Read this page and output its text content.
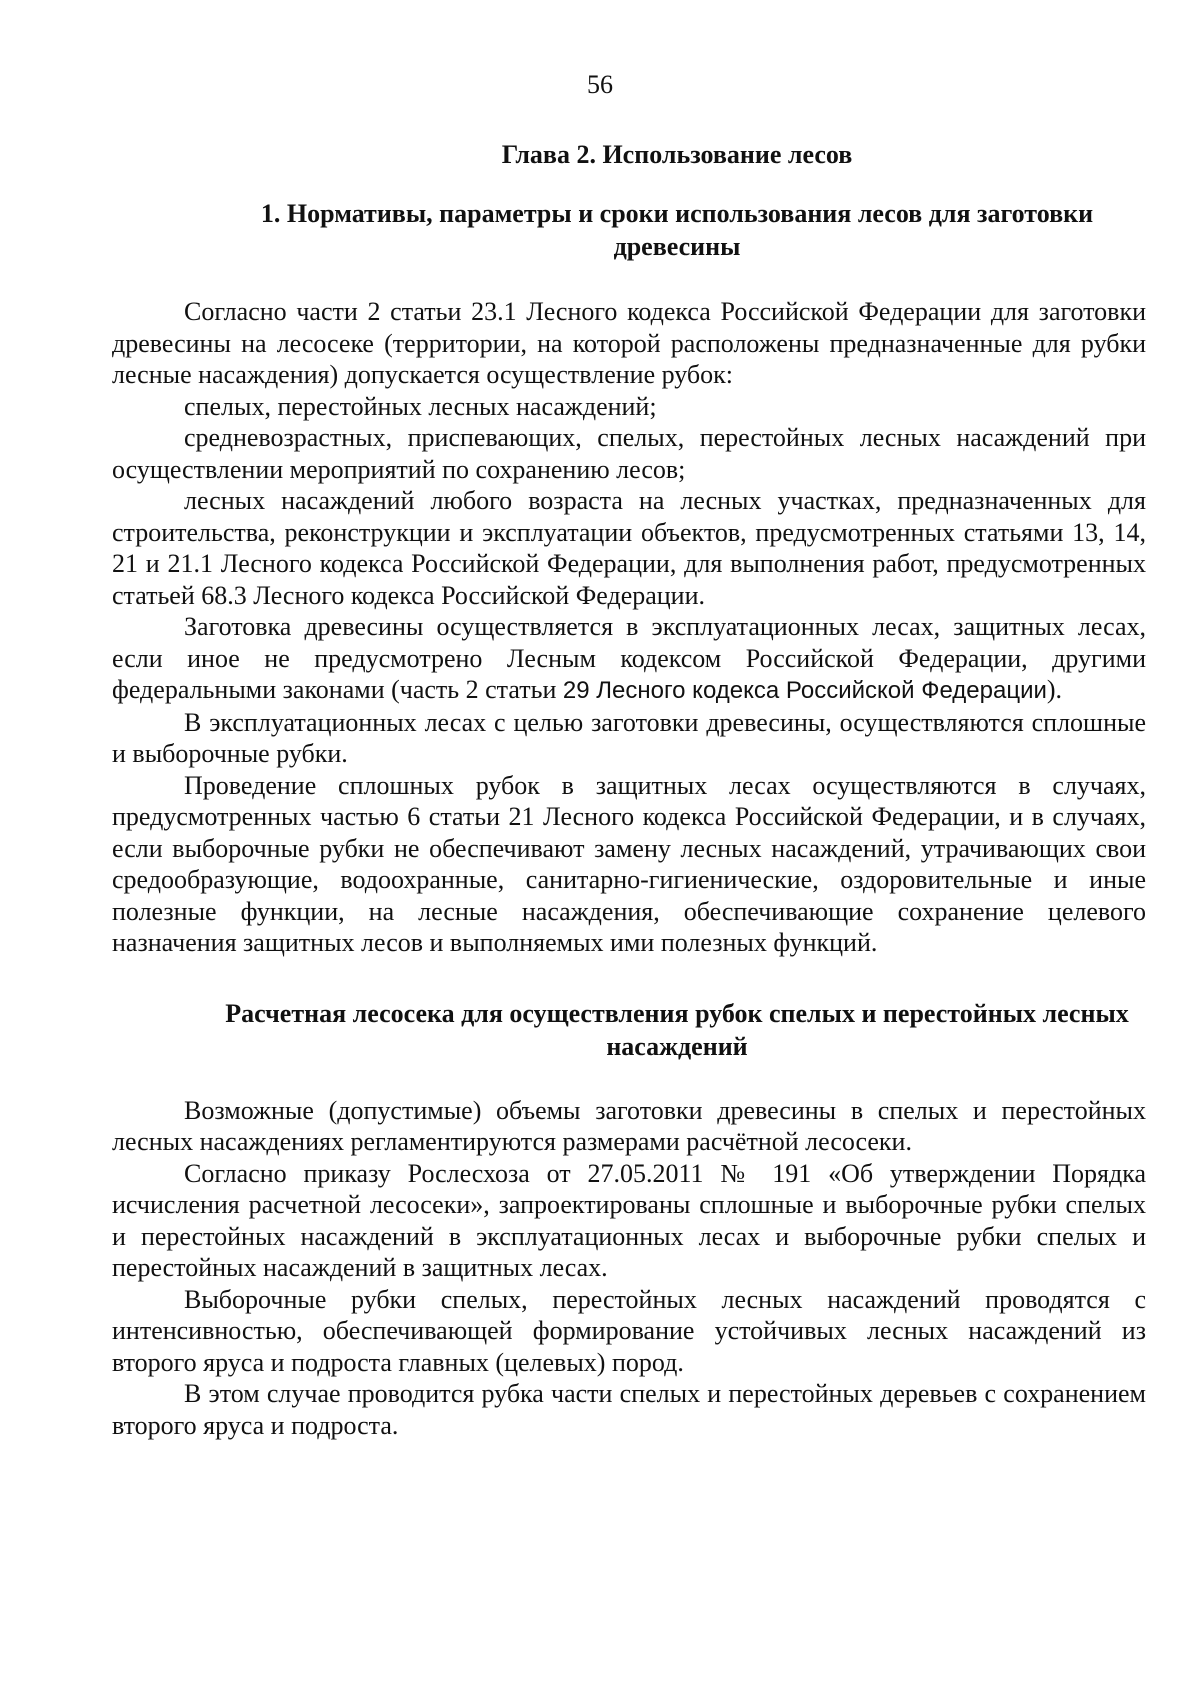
56
Глава 2. Использование лесов
1. Нормативы, параметры и сроки использования лесов для заготовки древесины

Согласно части 2 статьи 23.1 Лесного кодекса Российской Федерации для заготовки древесины на лесосеке (территории, на которой расположены предназначенные для рубки лесные насаждения) допускается осуществление рубок:

спелых, перестойных лесных насаждений;

средневозрастных, приспевающих, спелых, перестойных лесных насаждений при осуществлении мероприятий по сохранению лесов;

лесных насаждений любого возраста на лесных участках, предназначенных для строительства, реконструкции и эксплуатации объектов, предусмотренных статьями 13, 14, 21 и 21.1 Лесного кодекса Российской Федерации, для выполнения работ, предусмотренных статьей 68.3 Лесного кодекса Российской Федерации.

Заготовка древесины осуществляется в эксплуатационных лесах, защитных лесах, если иное не предусмотрено Лесным кодексом Российской Федерации, другими федеральными законами (часть 2 статьи 29 Лесного кодекса Российской Федерации).

В эксплуатационных лесах с целью заготовки древесины, осуществляются сплошные и выборочные рубки.

Проведение сплошных рубок в защитных лесах осуществляются в случаях, предусмотренных частью 6 статьи 21 Лесного кодекса Российской Федерации, и в случаях, если выборочные рубки не обеспечивают замену лесных насаждений, утрачивающих свои средообразующие, водоохранные, санитарно-гигиенические, оздоровительные и иные полезные функции, на лесные насаждения, обеспечивающие сохранение целевого назначения защитных лесов и выполняемых ими полезных функций.

Расчетная лесосека для осуществления рубок спелых и перестойных лесных насаждений

Возможные (допустимые) объемы заготовки древесины в спелых и перестойных лесных насаждениях регламентируются размерами расчётной лесосеки.

Согласно приказу Рослесхоза от 27.05.2011 № 191 «Об утверждении Порядка исчисления расчетной лесосеки», запроектированы сплошные и выборочные рубки спелых и перестойных насаждений в эксплуатационных лесах и выборочные рубки спелых и перестойных насаждений в защитных лесах.

Выборочные рубки спелых, перестойных лесных насаждений проводятся с интенсивностью, обеспечивающей формирование устойчивых лесных насаждений из второго яруса и подроста главных (целевых) пород.

В этом случае проводится рубка части спелых и перестойных деревьев с сохранением второго яруса и подроста.
